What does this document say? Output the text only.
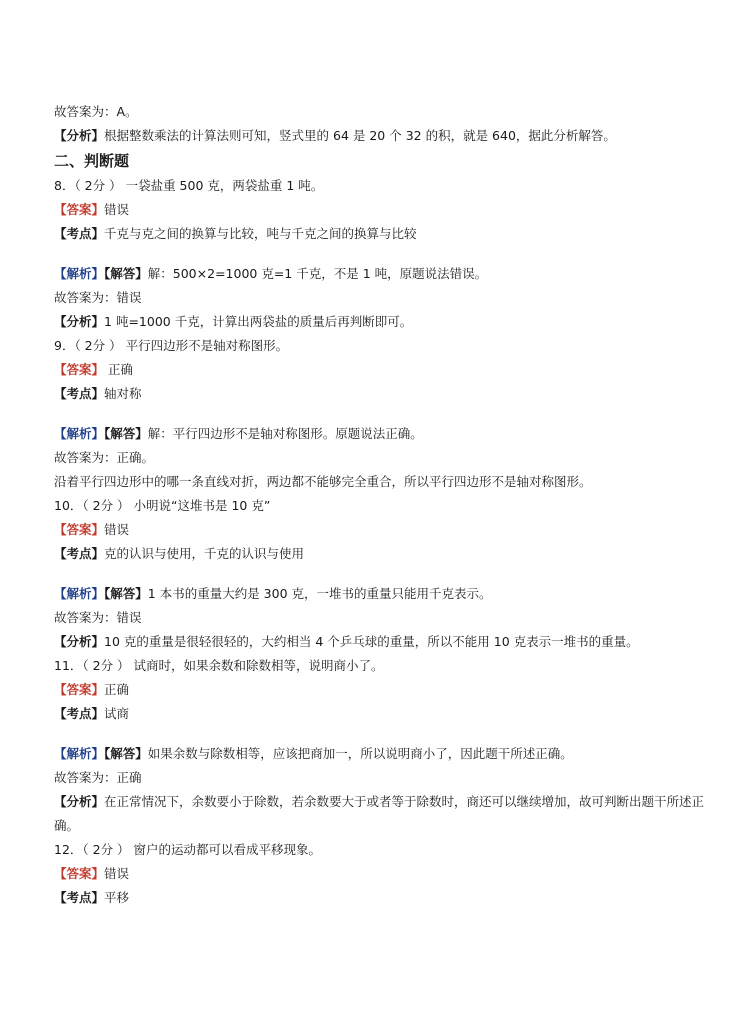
故答案为：A。
【分析】根据整数乘法的计算法则可知，竖式里的 64 是 20 个 32 的积，就是 640，据此分析解答。
二、判断题
8．（ 2分 ） 一袋盐重 500 克，两袋盐重 1 吨。
【答案】错误
【考点】千克与克之间的换算与比较，吨与千克之间的换算与比较
【解析】【解答】解：500×2=1000 克=1 千克，不是 1 吨，原题说法错误。
故答案为：错误
【分析】1 吨=1000 千克，计算出两袋盐的质量后再判断即可。
9．（ 2分 ） 平行四边形不是轴对称图形。
【答案】 正确
【考点】轴对称
【解析】【解答】解：平行四边形不是轴对称图形。原题说法正确。
故答案为：正确。
沿着平行四边形中的哪一条直线对折，两边都不能够完全重合，所以平行四边形不是轴对称图形。
10．（ 2分 ） 小明说“这堆书是 10 克”
【答案】错误
【考点】克的认识与使用，千克的认识与使用
【解析】【解答】1 本书的重量大约是 300 克，一堆书的重量只能用千克表示。
故答案为：错误
【分析】10 克的重量是很轻很轻的，大约相当 4 个乒乓球的重量，所以不能用 10 克表示一堆书的重量。
11．（ 2分 ） 试商时，如果余数和除数相等，说明商小了。
【答案】正确
【考点】试商
【解析】【解答】如果余数与除数相等，应该把商加一，所以说明商小了，因此题干所述正确。
故答案为：正确
【分析】在正常情况下，余数要小于除数，若余数要大于或者等于除数时，商还可以继续增加，故可判断出题干所述正确。
12．（ 2分 ） 窗户的运动都可以看成平移现象。
【答案】错误
【考点】平移
